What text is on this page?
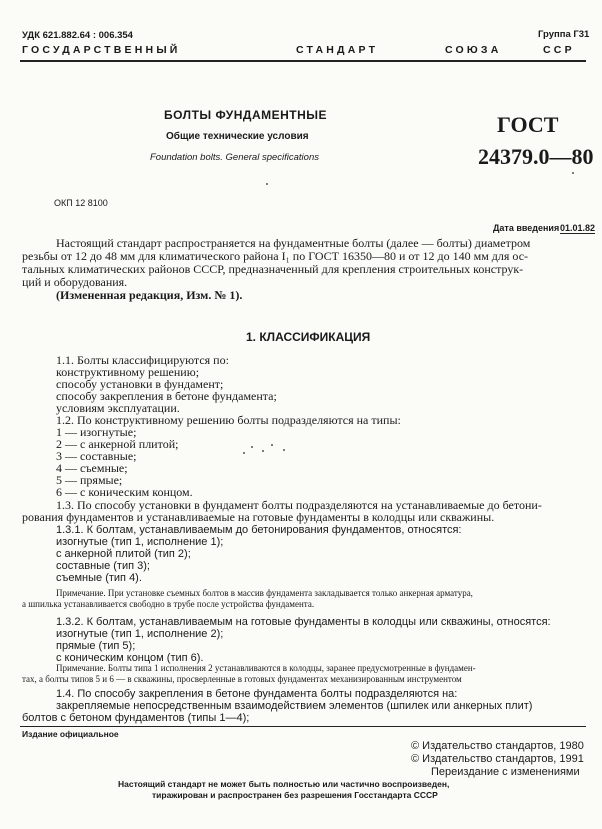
УДК 621.882.64 : 006.354	Группа Г31
ГОСУДАРСТВЕННЫЙ	СТАНДАРТ	СОЮЗА	ССР
БОЛТЫ ФУНДАМЕНТНЫЕ
Общие технические условия
Foundation bolts. General specifications
ГОСТ
24379.0—80
ОКП 12 8100
Дата введения 01.01.82
Настоящий стандарт распространяется на фундаментные болты (далее — болты) диаметром
резьбы от 12 до 48 мм для климатического района I₁ по ГОСТ 16350—80 и от 12 до 140 мм для ос-
тальных климатических районов СССР, предназначенный для крепления строительных конструк-
ций и оборудования.
(Измененная редакция, Изм. № 1).
1. КЛАССИФИКАЦИЯ
1.1. Болты классифицируются по:
конструктивному решению;
способу установки в фундамент;
способу закрепления в бетоне фундамента;
условиям эксплуатации.
1.2. По конструктивному решению болты подразделяются на типы:
1 — изогнутые;
2 — с анкерной плитой;
3 — составные;
4 — съемные;
5 — прямые;
6 — с коническим концом.
1.3. По способу установки в фундамент болты подразделяются на устанавливаемые до бетони-
рования фундаментов и устанавливаемые на готовые фундаменты в колодцы или скважины.
1.3.1. К болтам, устанавливаемым до бетонирования фундаментов, относятся:
изогнутые (тип 1, исполнение 1);
с анкерной плитой (тип 2);
составные (тип 3);
съемные (тип 4).
Примечание. При установке съемных болтов в массив фундамента закладывается только анкерная арматура,
а шпилька устанавливается свободно в трубе после устройства фундамента.
1.3.2. К болтам, устанавливаемым на готовые фундаменты в колодцы или скважины, относятся:
изогнутые (тип 1, исполнение 2);
прямые (тип 5);
с коническим концом (тип 6).
Примечание. Болты типа 1 исполнения 2 устанавливаются в колодцы, заранее предусмотренные в фундамен-
тах, а болты типов 5 и 6 — в скважины, просверленные в готовых фундаментах механизированным инструментом
1.4. По способу закрепления в бетоне фундамента болты подразделяются на:
закрепляемые непосредственным взаимодействием элементов (шпилек или анкерных плит)
болтов с бетоном фундаментов (типы 1—4);
Издание официальное
© Издательство стандартов, 1980
© Издательство стандартов, 1991
Переиздание с изменениями
Настоящий стандарт не может быть полностью или частично воспроизведен,
тиражирован и распространен без разрешения Госстандарта СССР
